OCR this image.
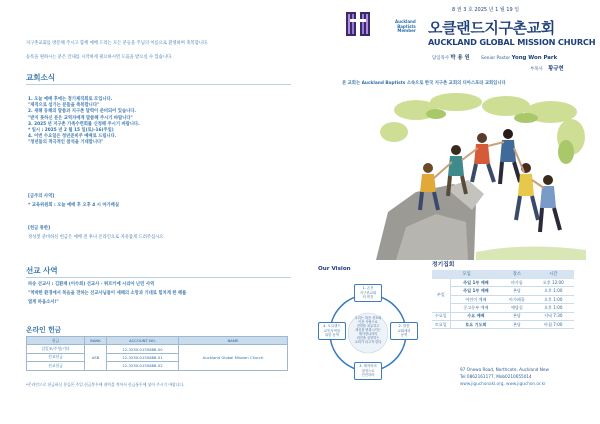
지구촌교회를 방문해 주시고 함께 예배 드리는 모든 분들을 주님의 이름으로 환영하며 축복합니다.
등록을 원하시는 분은 안내를 시작하게 필요하시면 도움을 받으실 수 있습니다.
교회소식
1. 오늘 예배 후에는 정기제직회로 모입니다.
"재직으로 섬기는 분들을 축복합니다"
2. 새해 동해의 말씀과 지구촌 달력이 준비되어 있습니다.
"받지 못하신 분은 교역자에게 말씀해 주시기 바랍니다"
3. 2025 년 지구촌 가족수련회를 신청해 주시기 바랍니다.
* 일시 : 2025 년 2 월 15 일(토)-16(주일)
4. 이번 수요일은 청년준비주 예배로 드립니다.
"청년들의 적극적인 참석을 기대합니다"
[금주의 사역]
* 교육위원회 : 오늘 예배 후 오후 4 시 마가배실
[헌금 통한]
정성껏 준비하신 헌금은 예배 전 후나 온라인으로 자유롭게 드려주십시오.
선교 사역
파송 선교사 : 김환재 (이수희) 선교사 - 튀르키예 시리아 난민 사역
"척박한 환경에서 복음을 전하는 선교사님들이 세해의 소망과 기대로 힘차게 한 해를
열게 하옵소서!"
온라인 헌금
헌금	BANK	ACCOUNT NO.	NAME
십일조/주정/기타	ASB	12-3230-0155888-00	Auckland Global Mission Church
선교헌금		12-3230-0155888-51	
선교헌금		12-3230-0155888-52	
*온라인으로 헌금하신 분들은 주일 헌금봉투에 내역을 적어서 헌금통투에 넣어 주시기 바랍니다.
8 권 3 호 2025 년 1 월 19 일
Auckland
Baptists
Member 오클랜드지구촌교회
AUCKLAND GLOBAL MISSION CHURCH
담임목사 박 용 원	Senior Pastor Yong Won Park
부목사 황규현
본 교회는 Auckland Baptists 소속으로 한국 지구촌 교회의 디아스포라 교회입니다
Our Vision
우리는 복음 선포와
이웃 사랑으로
전하를 치유하고
세상을 변화시키는
제사장나라의
비전을 실현하는
교회가 되고자 한다
1. 온전
지구촌교회
의 비전
2. 말씀
교회에의
동역
3. 제자의의
열정으로
전진하라
4. 오클랜드
교민사역을
위한 동역
정기집회
모임		장소	시간
주일	주일 1부 예배	마가룸	오후 12:00
	주일 1부 예배	본당	오후 1:00
	어린이 예배	아가페홀	오후 1:00
	중고등부 예배	예당실	오후 1:00
수요일	수요 예배	본당	저녁 7:30
토요일	토요 기도회	본당	아침 7:00
97 Onewa Road, Northcote, Auckland New
Tel 0862161177, Mob0210655014
www.jiguchonakl.org, www.jiguchon.or.kr
